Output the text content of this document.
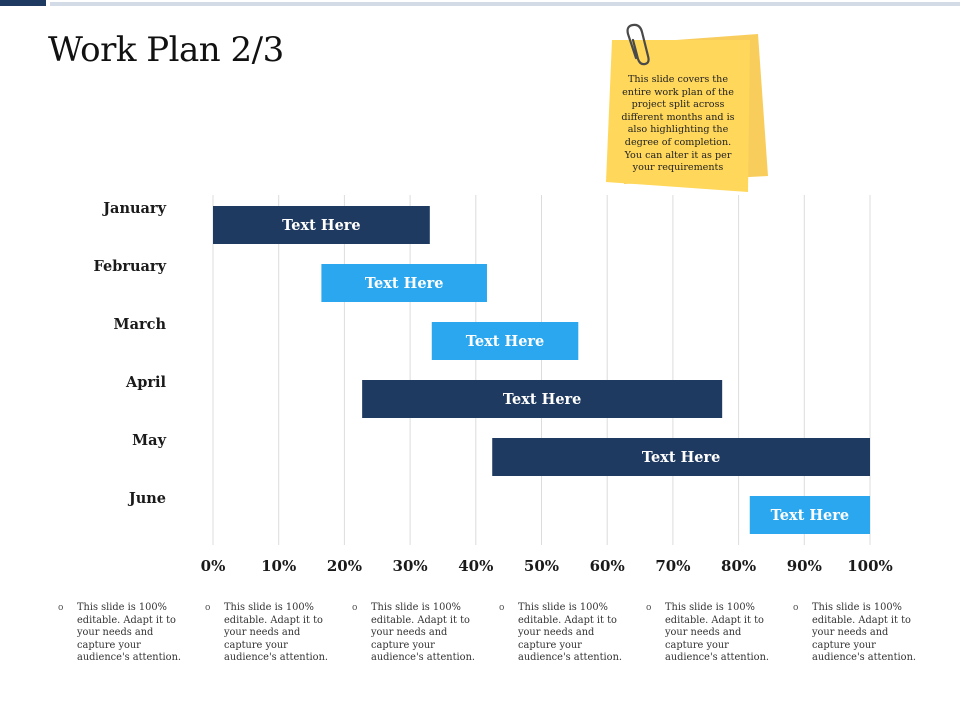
Work Plan 2/3
January
February
March
April
May
June
Text Here
Text Here
Text Here
Text Here
Text Here
Text Here
0% 10% 20% 30% 40% 50% 60% 70% 80% 90% 100%
This slide covers the entire work plan of the project split across different months and is also highlighting the degree of completion. You can alter it as per your requirements
o This slide is 100% editable. Adapt it to your needs and capture your audience's attention.
o This slide is 100% editable. Adapt it to your needs and capture your audience's attention.
o This slide is 100% editable. Adapt it to your needs and capture your audience's attention.
o This slide is 100% editable. Adapt it to your needs and capture your audience's attention.
o This slide is 100% editable. Adapt it to your needs and capture your audience's attention.
o This slide is 100% editable. Adapt it to your needs and capture your audience's attention.
